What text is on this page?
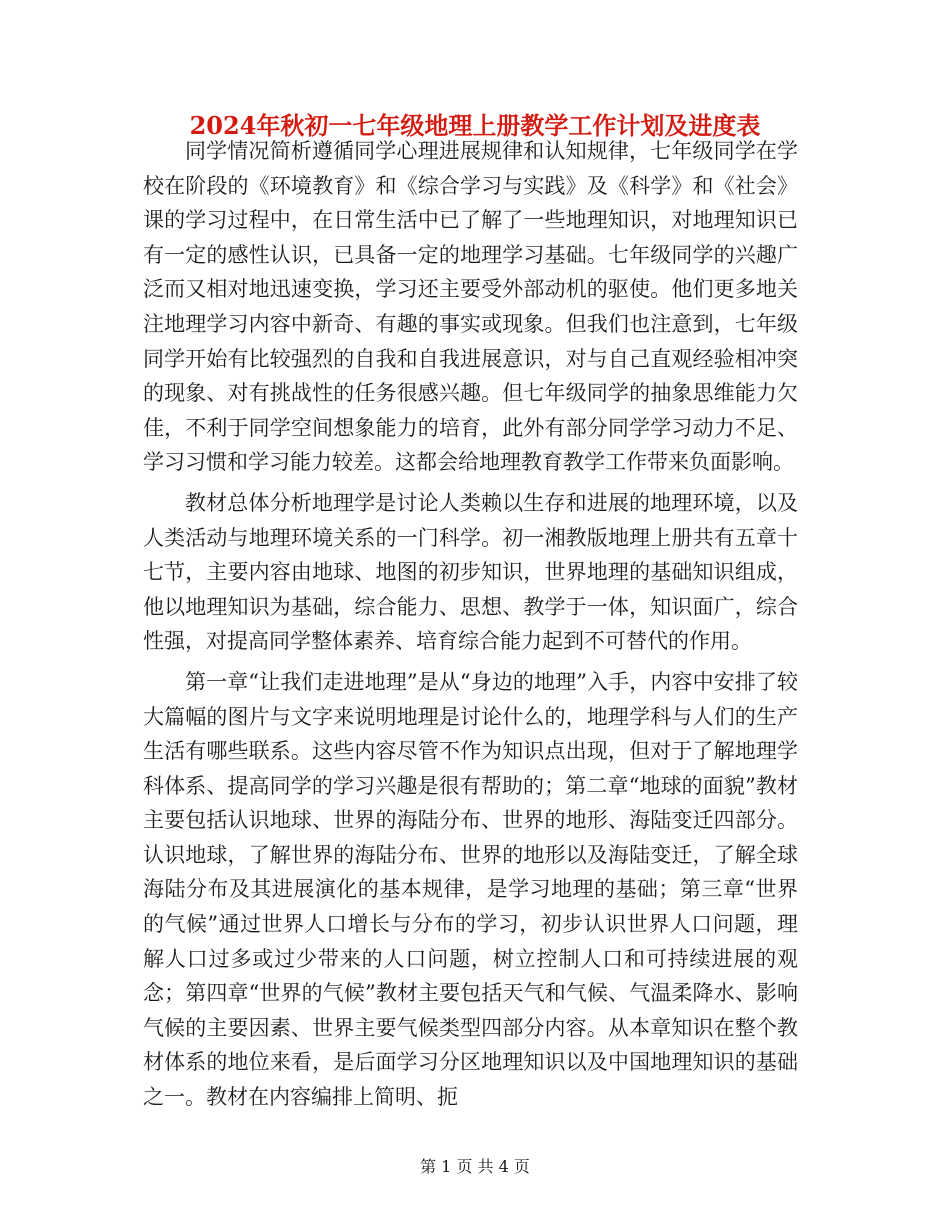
2024年秋初一七年级地理上册教学工作计划及进度表

同学情况简析遵循同学心理进展规律和认知规律，七年级同学在学校在阶段的《环境教育》和《综合学习与实践》及《科学》和《社会》课的学习过程中，在日常生活中已了解了一些地理知识，对地理知识已有一定的感性认识，已具备一定的地理学习基础。七年级同学的兴趣广泛而又相对地迅速变换，学习还主要受外部动机的驱使。他们更多地关注地理学习内容中新奇、有趣的事实或现象。但我们也注意到，七年级同学开始有比较强烈的自我和自我进展意识，对与自己直观经验相冲突的现象、对有挑战性的任务很感兴趣。但七年级同学的抽象思维能力欠佳，不利于同学空间想象能力的培育，此外有部分同学学习动力不足、学习习惯和学习能力较差。这都会给地理教育教学工作带来负面影响。

教材总体分析地理学是讨论人类赖以生存和进展的地理环境，以及人类活动与地理环境关系的一门科学。初一湘教版地理上册共有五章十七节，主要内容由地球、地图的初步知识，世界地理的基础知识组成，他以地理知识为基础，综合能力、思想、教学于一体，知识面广，综合性强，对提高同学整体素养、培育综合能力起到不可替代的作用。

第一章“让我们走进地理”是从“身边的地理”入手，内容中安排了较大篇幅的图片与文字来说明地理是讨论什么的，地理学科与人们的生产生活有哪些联系。这些内容尽管不作为知识点出现，但对于了解地理学科体系、提高同学的学习兴趣是很有帮助的；第二章“地球的面貌”教材主要包括认识地球、世界的海陆分布、世界的地形、海陆变迁四部分。认识地球，了解世界的海陆分布、世界的地形以及海陆变迁，了解全球海陆分布及其进展演化的基本规律，是学习地理的基础；第三章“世界的气候”通过世界人口增长与分布的学习，初步认识世界人口问题，理解人口过多或过少带来的人口问题，树立控制人口和可持续进展的观念；第四章“世界的气候”教材主要包括天气和气候、气温柔降水、影响气候的主要因素、世界主要气候类型四部分内容。从本章知识在整个教材体系的地位来看，是后面学习分区地理知识以及中国地理知识的基础之一。教材在内容编排上简明、扼

第 1 页 共 4 页
